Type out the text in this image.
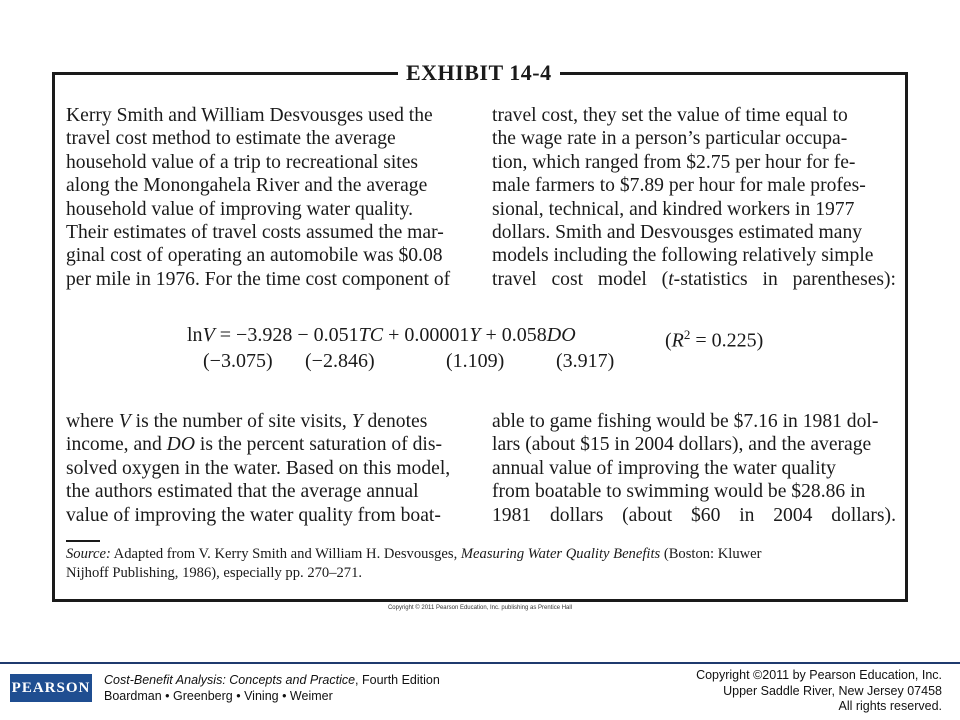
EXHIBIT 14-4
Kerry Smith and William Desvousges used the
travel cost method to estimate the average
household value of a trip to recreational sites
along the Monongahela River and the average
household value of improving water quality.
Their estimates of travel costs assumed the mar-
ginal cost of operating an automobile was $0.08
per mile in 1976. For the time cost component of
travel cost, they set the value of time equal to
the wage rate in a person’s particular occupa-
tion, which ranged from $2.75 per hour for fe-
male farmers to $7.89 per hour for male profes-
sional, technical, and kindred workers in 1977
dollars. Smith and Desvousges estimated many
models including the following relatively simple
travel cost model (t-statistics in parentheses):
lnV = −3.928 − 0.051TC + 0.00001Y + 0.058DO	$(R^2 = 0.225)$
(−3.075) (−2.846)	(1.109)	(3.917)
where V is the number of site visits, Y denotes
income, and DO is the percent saturation of dis-
solved oxygen in the water. Based on this model,
the authors estimated that the average annual
value of improving the water quality from boat-
able to game fishing would be $7.16 in 1981 dol-
lars (about $15 in 2004 dollars), and the average
annual value of improving the water quality
from boatable to swimming would be $28.86 in
1981 dollars (about $60 in 2004 dollars).
Source: Adapted from V. Kerry Smith and William H. Desvousges, Measuring Water Quality Benefits (Boston: Kluwer
Nijhoff Publishing, 1986), especially pp. 270–271.
Copyright © 2011 Pearson Education, Inc. publishing as Prentice Hall
PEARSON Cost-Benefit Analysis: Concepts and Practice, Fourth Edition
Boardman • Greenberg • Vining • Weimer
Copyright ©2011 by Pearson Education, Inc.
Upper Saddle River, New Jersey 07458
All rights reserved.
